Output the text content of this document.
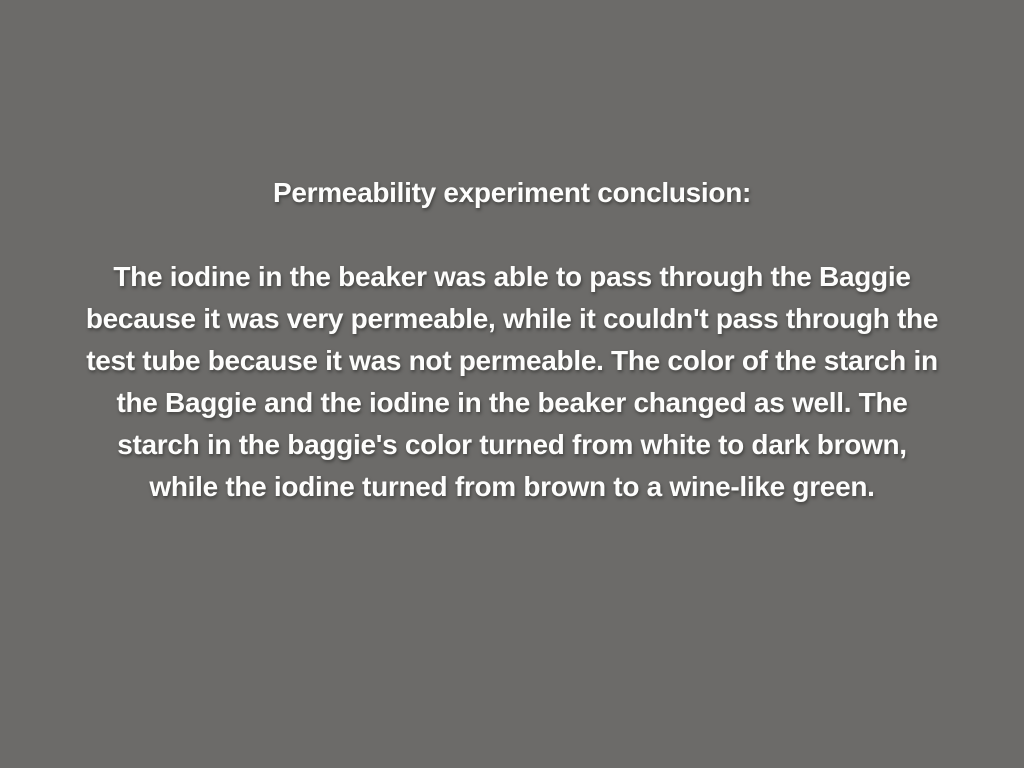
Permeability experiment conclusion:
The iodine in the beaker was able to pass through the Baggie
because it was very permeable, while it couldn't pass through the
test tube because it was not permeable. The color of the starch in
the Baggie and the iodine in the beaker changed as well. The
starch in the baggie's color turned from white to dark brown,
while the iodine turned from brown to a wine-like green.
